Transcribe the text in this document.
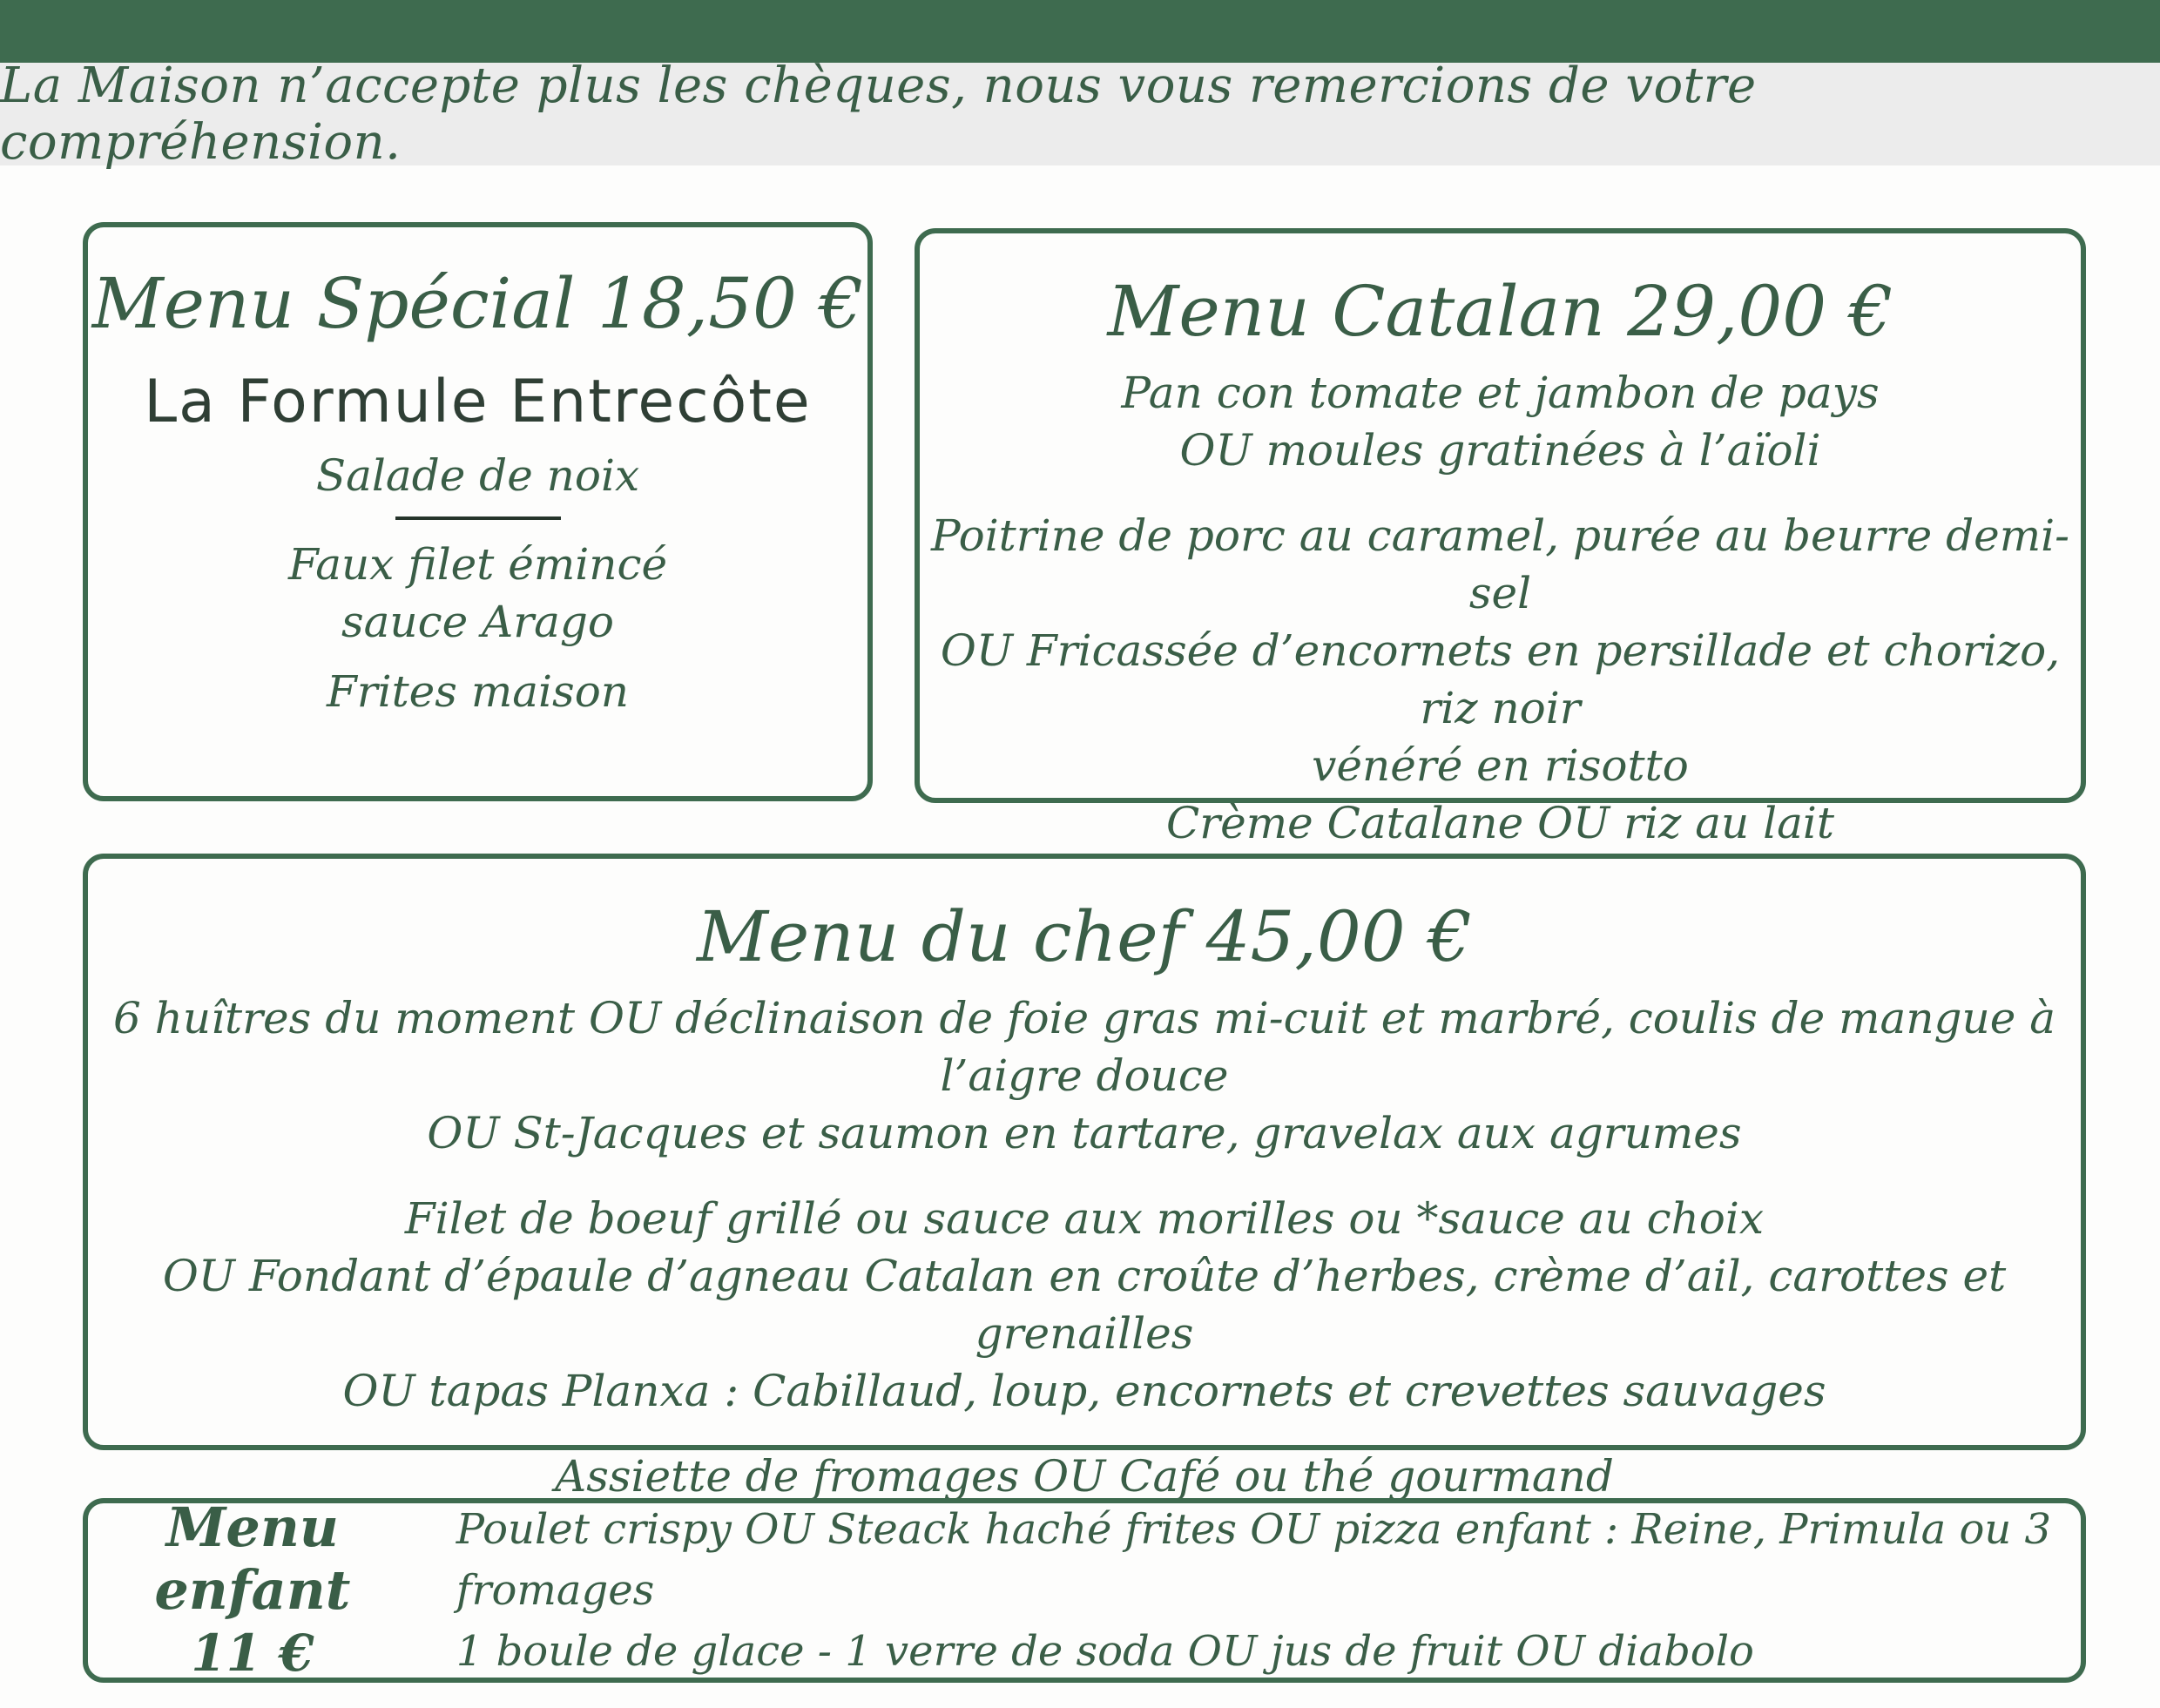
La Maison n’accepte plus les chèques, nous vous remercions de votre compréhension.
Menu Spécial 18,50 €
La Formule Entrecôte

Salade de noix

Faux filet émincé

sauce Arago

Frites maison

Menu Catalan 29,00 €

Pan con tomate et jambon de pays

OU moules gratinées à l’aïoli

Poitrine de porc au caramel, purée au beurre demi-sel

OU Fricassée d’encornets en persillade et chorizo, riz noir

vénéré en risotto

Crème Catalane OU riz au lait

Menu du chef 45,00 €

6 huîtres du moment OU déclinaison de foie gras mi-cuit et marbré, coulis de mangue à l’aigre douce

OU St-Jacques et saumon en tartare, gravelax aux agrumes

Filet de boeuf grillé ou sauce aux morilles ou *sauce au choix

OU Fondant d’épaule d’agneau Catalan en croûte d’herbes, crème d’ail, carottes et grenailles

OU tapas Planxa : Cabillaud, loup, encornets et crevettes sauvages

Assiette de fromages OU Café ou thé gourmand

Menu enfant
11 €
Poulet crispy OU Steack haché frites OU pizza enfant : Reine, Primula ou 3 fromages
1 boule de glace - 1 verre de soda OU jus de fruit OU diabolo
